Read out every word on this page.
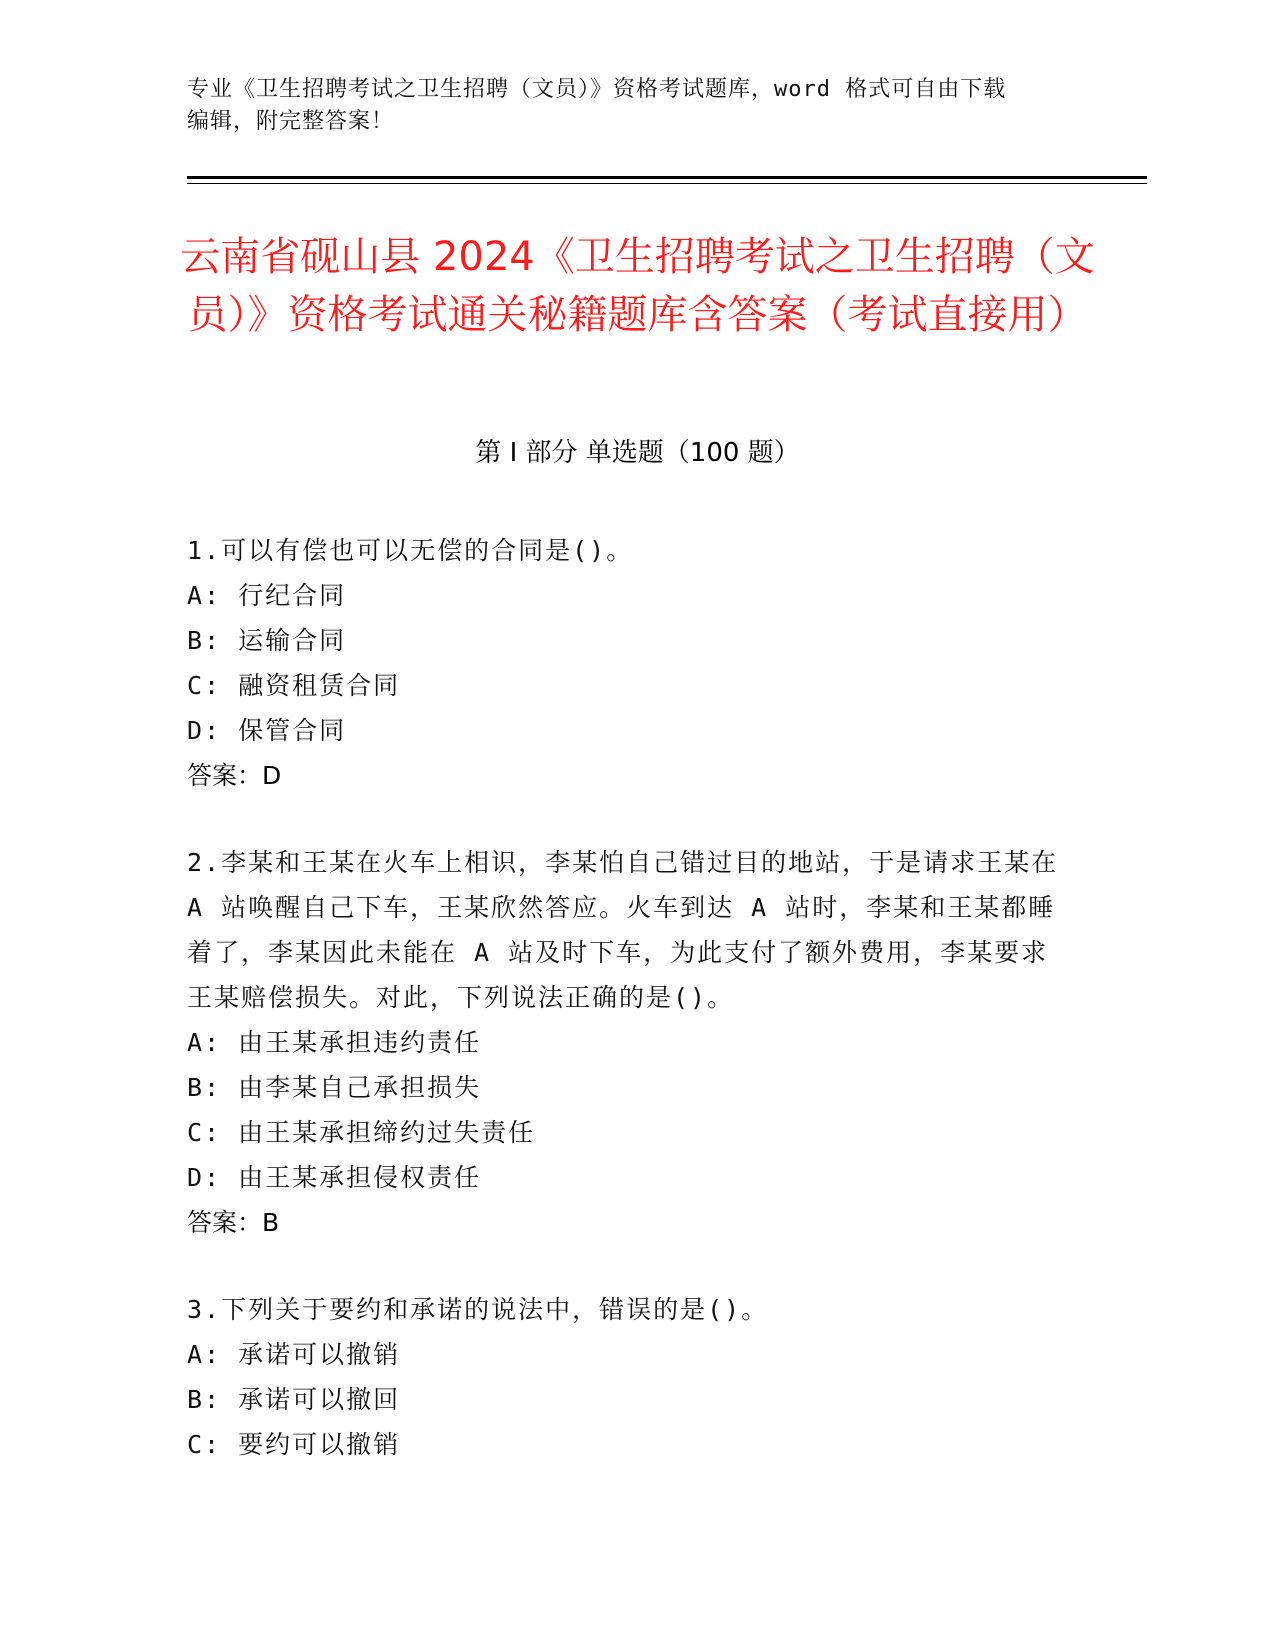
专业《卫生招聘考试之卫生招聘（文员）》资格考试题库，word 格式可自由下载
编辑，附完整答案！
云南省砚山县 2024《卫生招聘考试之卫生招聘（文员）》资格考试通关秘籍题库含答案（考试直接用）
第 I 部分 单选题（100 题）
1.可以有偿也可以无偿的合同是()。
A: 行纪合同
B: 运输合同
C: 融资租赁合同
D: 保管合同
答案：D
2.李某和王某在火车上相识，李某怕自己错过目的地站，于是请求王某在 A 站唤醒自己下车，王某欣然答应。火车到达 A 站时，李某和王某都睡着了，李某因此未能在 A 站及时下车，为此支付了额外费用，李某要求王某赔偿损失。对此，下列说法正确的是()。
A: 由王某承担违约责任
B: 由李某自己承担损失
C: 由王某承担缔约过失责任
D: 由王某承担侵权责任
答案：B
3.下列关于要约和承诺的说法中，错误的是()。
A: 承诺可以撤销
B: 承诺可以撤回
C: 要约可以撤销
